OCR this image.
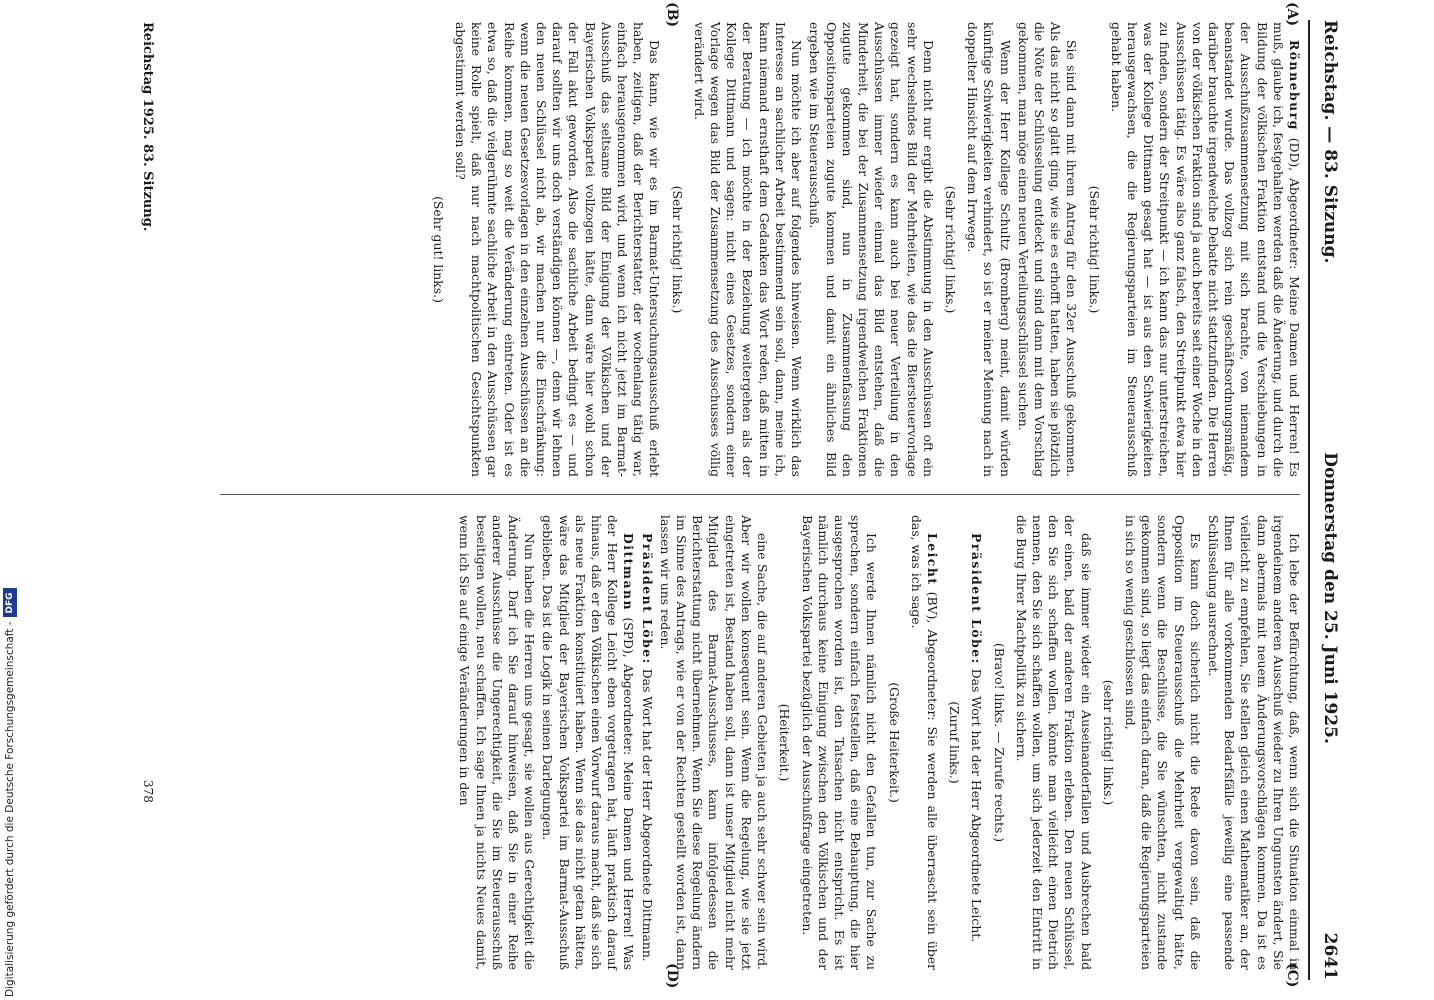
Reichstag. — 83. Sitzung.
Donnerstag den 25. Juni 1925.
2641
(A)
(B)
(C)
(D)

Rönneburg (DD), Abgeordneter: Meine Damen und Herren! Es muß, glaube ich, festgehalten werden daß die Änderung, und durch die Bildung der völkischen Fraktion entstand und die Verschiebungen in der Ausschußzusammensetzung mit sich brachte, von niemandem beanstandet wurde. Das vollzog sich rein geschäftsordnungsmäßig, darüber brauchte irgendwelche Debatte nicht stattzufinden. Die Herren von der völkischen Fraktion sind ja auch bereits seit einer Woche in den Ausschüssen tätig. Es wäre also ganz falsch, den Streitpunkt etwa hier zu finden, sondern der Streitpunkt — ich kann das nur unterstreichen, was der Kollege Dittmann gesagt hat — ist aus den Schwierigkeiten herausgewachsen, die die Regierungsparteien im Steuerausschuß gehabt haben.

(Sehr richtig! links.)

Sie sind dann mit ihrem Antrag für den 32er Ausschuß gekommen. Als das nicht so glatt ging, wie sie es erhofft hatten, haben sie plötzlich die Nöte der Schlüsselung entdeckt und sind dann mit dem Vorschlag gekommen, man möge einen neuen Verteilungsschlüssel suchen.

Wenn der Herr Kollege Schultz (Bromberg) meint, damit würden künftige Schwierigkeiten verhindert, so ist er meiner Meinung nach in doppelter Hinsicht auf dem Irrwege.

(Sehr richtig! links.)

Denn nicht nur ergibt die Abstimmung in den Ausschüssen oft ein sehr wechselndes Bild der Mehrheiten, wie das die Biersteuervorlage gezeigt hat, sondern es kann auch bei neuer Verteilung in den Ausschüssen immer wieder einmal das Bild entstehen, daß die Minderheit, die bei der Zusammensetzung irgendwelchen Fraktionen zugute gekommen sind, nun in Zusammenfassung den Oppositionsparteien zugute kommen und damit ein ähnliches Bild ergeben wie im Steuerausschuß.

Nun möchte ich aber auf folgendes hinweisen. Wenn wirklich das Interesse an sachlicher Arbeit bestimmend sein soll, dann, meine ich, kann niemand ernsthaft dem Gedanken das Wort reden, daß mitten in der Beratung — ich möchte in der Beziehung weitergehen als der Kollege Dittmann und sagen: nicht eines Gesetzes, sondern einer Vorlage wegen das Bild der Zusammensetzung des Ausschusses völlig verändert wird.

(Sehr richtig! links.)

Das kann, wie wir es im Barmat-Untersuchungsausschuß erlebt haben, zeitigen, daß der Berichterstatter, der wochenlang tätig war, einfach herausgenommen wird, und wenn ich nicht jetzt im Barmat-Ausschuß das seltsame Bild der Einigung der Völkischen und der Bayerischen Volkspartei vollzogen hätte, dann wäre hier wohl schon der Fall akut geworden. Also die sachliche Arbeit bedingt es — und darauf sollten wir uns doch verständigen können —, denn wir lehnen den neuen Schlüssel nicht ab, wir machen nur die Einschränkung: wenn die neuen Gesetzesvorlagen in den einzelnen Ausschüssen an die Reihe kommen, mag so weit die Veränderung eintreten. Oder ist es etwa so, daß die vielgerühmte sachliche Arbeit in den Ausschüssen gar keine Rolle spielt, daß nur nach machtpolitischen Gesichtspunkten abgestimmt werden soll?

(Sehr gut! links.)

Ich lebe der Befürchtung, daß, wenn sich die Situation einmal in irgendeinem anderen Ausschuß wieder zu Ihren Ungunsten ändert, Sie dann abermals mit neuem Änderungsvorschlägen kommen. Da ist es vielleicht zu empfehlen, Sie stellen gleich einen Mathematiker an, der Ihnen für alle vorkommenden Bedarfsfälle jeweilig eine passende Schlüsselung ausrechnet.

Es kann doch sicherlich nicht die Rede davon sein, daß die Opposition im Steuerausschuß die Mehrheit vergewaltigt hätte, sondern wenn die Beschlüsse, die Sie wünschten, nicht zustande gekommen sind, so liegt das einfach daran, daß die Regierungsparteien in sich so wenig geschlossen sind,

(sehr richtig! links.)

daß sie immer wieder ein Auseinanderfallen und Ausbrechen bald der einen, bald der anderen Fraktion erleben. Den neuen Schlüssel, den Sie sich schaffen wollen, könnte man vielleicht einen Dietrich nennen, den Sie sich schaffen wollen, um sich jederzeit den Eintritt in die Burg Ihrer Machtpolitik zu sichern.

(Bravo! links. — Zurufe rechts.)

Präsident Löbe: Das Wort hat der Herr Abgeordnete Leicht.

(Zuruf links.)

Leicht (BV), Abgeordneter: Sie werden alle überrascht sein über das, was ich sage.

(Große Heiterkeit.)

Ich werde Ihnen nämlich nicht den Gefallen tun, zur Sache zu sprechen, sondern einfach feststellen, daß eine Behauptung, die hier ausgesprochen worden ist, den Tatsachen nicht entspricht. Es ist nämlich durchaus keine Einigung zwischen den Völkischen und der Bayerischen Volkspartei bezüglich der Ausschußfrage eingetreten.

(Heiterkeit.)

eine Sache, die auf anderen Gebieten ja auch sehr schwer sein wird. Aber wir wollen konsequent sein. Wenn die Regelung, wie sie jetzt eingetreten ist, Bestand haben soll, dann ist unser Mitglied nicht mehr Mitglied des Barmat-Ausschusses, kann infolgedessen die Berichterstattung nicht übernehmen. Wenn Sie diese Regelung ändern im Sinne des Antrags, wie er von der Rechten gestellt worden ist, dann lassen wir uns reden.

Präsident Löbe: Das Wort hat der Herr Abgeordnete Dittmann.

Dittmann (SPD), Abgeordneter: Meine Damen und Herren! Was der Herr Kollege Leicht eben vorgetragen hat, läuft praktisch darauf hinaus, daß er den Völkischen einen Vorwurf daraus macht, daß sie sich als neue Fraktion konstituiert haben. Wenn sie das nicht getan hätten, wäre das Mitglied der Bayerischen Volkspartei im Barmat-Ausschuß geblieben. Das ist die Logik in seinen Darlegungen.

Nun haben die Herren uns gesagt, sie wollen aus Gerechtigkeit die Änderung. Darf ich Sie darauf hinweisen, daß Sie in einer Reihe anderer Ausschüsse die Ungerechtigkeit, die Sie im Steuerausschuß beseitigen wollen, neu schaffen. Ich sage Ihnen ja nichts Neues damit, wenn ich Sie auf einige Veränderungen in den

Reichstag 1925. 83. Sitzung.
378
Digitalisierung gefördert durch die Deutsche Forschungsgemeinschaft -
DFG
